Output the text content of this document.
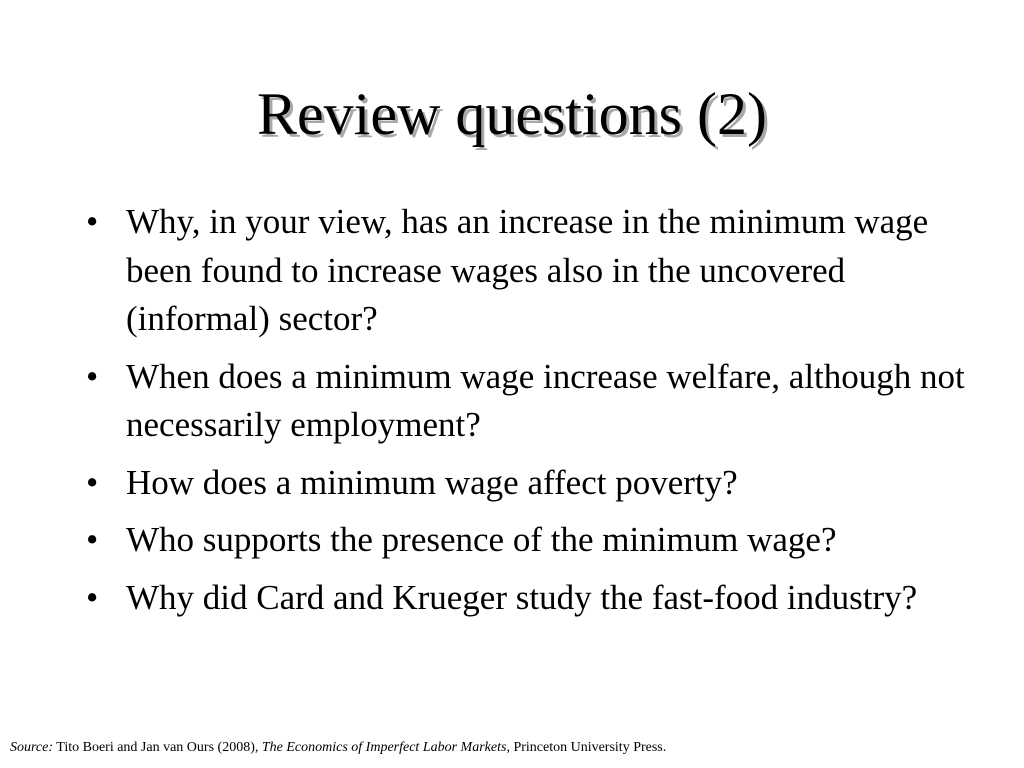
Review questions (2)
• Why, in your view, has an increase in the minimum wage been found to increase wages also in the uncovered (informal) sector?
• When does a minimum wage increase welfare, although not necessarily employment?
• How does a minimum wage affect poverty?
• Who supports the presence of the minimum wage?
• Why did Card and Krueger study the fast-food industry?
Source: Tito Boeri and Jan van Ours (2008), The Economics of Imperfect Labor Markets, Princeton University Press.
